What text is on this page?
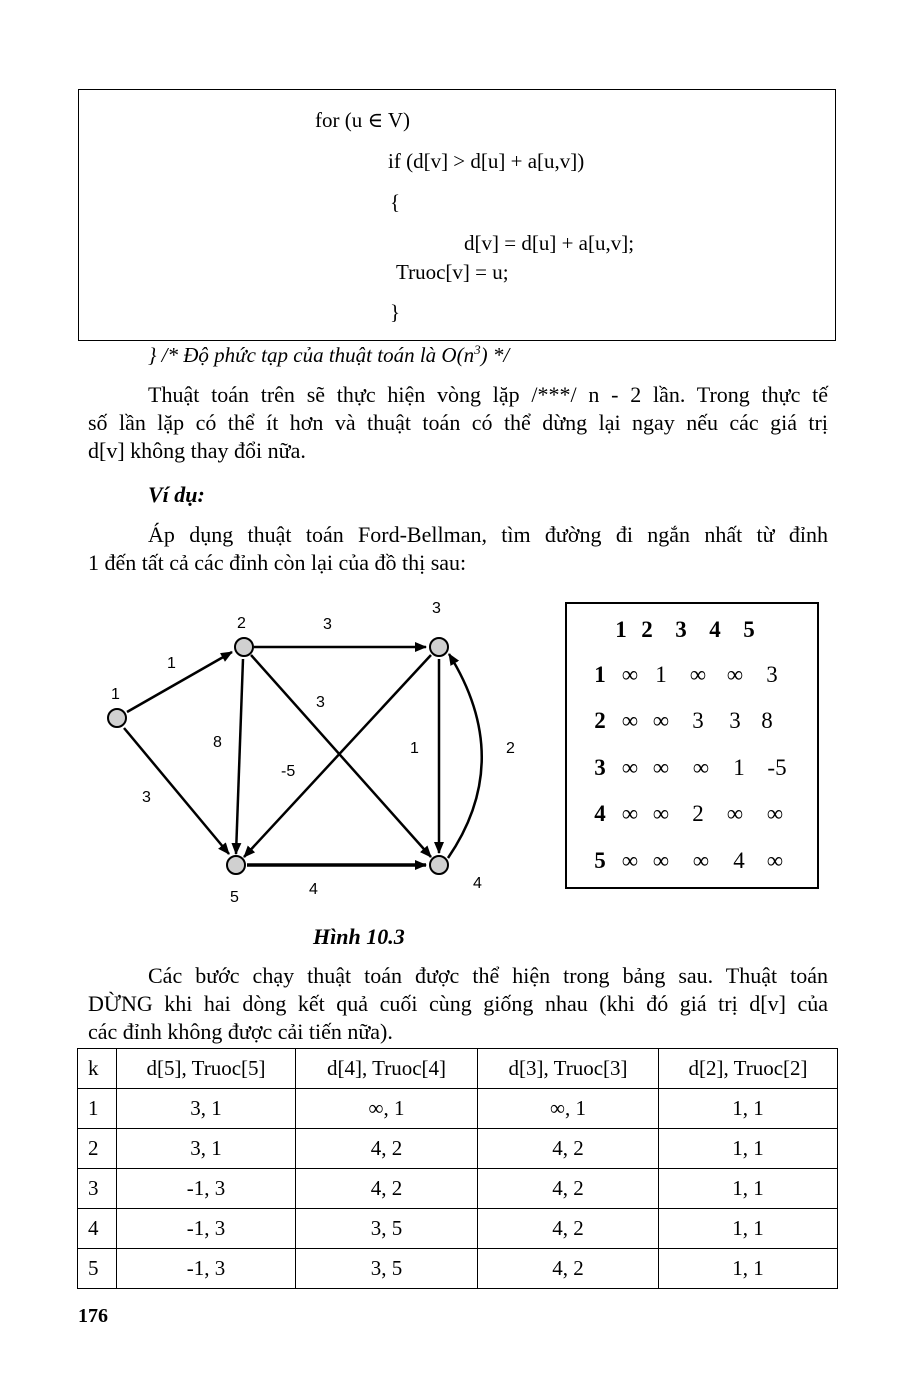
for (u ∈ V)
if (d[v] > d[u] + a[u,v])
{
d[v] = d[u] + a[u,v];
Truoc[v] = u;
}
} /* Độ phức tạp của thuật toán là $O(n^3)$ */
Thuật toán trên sẽ thực hiện vòng lặp /***/ n - 2 lần. Trong thực tế
số lần lặp có thể ít hơn và thuật toán có thể dừng lại ngay nếu các giá trị
d[v] không thay đổi nữa.
Ví dụ:
Áp dụng thuật toán Ford-Bellman, tìm đường đi ngắn nhất từ đỉnh
1 đến tất cả các đỉnh còn lại của đồ thị sau:
1
2
3
4
5
1
3
3
8
3
-5
1	2
4
1 2 3 4 5
1 ∞ 1 ∞ ∞	3
2 ∞ ∞ 3 3 8
3 ∞ ∞ ∞ 1 -5
4 ∞ ∞ 2 ∞ ∞
5 ∞ ∞ ∞ 4 ∞
Hình 10.3
Các bước chạy thuật toán được thể hiện trong bảng sau. Thuật toán
DỪNG khi hai dòng kết quả cuối cùng giống nhau (khi đó giá trị d[v] của
các đỉnh không được cải tiến nữa).
k	d[5], Truoc[5]	d[4], Truoc[4]	d[3], Truoc[3]	d[2], Truoc[2]
1	3, 1	∞, 1	∞, 1	1, 1
2	3, 1	4, 2	4, 2	1, 1
3	-1, 3	4, 2	4, 2	1, 1
4	-1, 3	3, 5	4, 2	1, 1
5	-1, 3	3, 5	4, 2	1, 1
176
